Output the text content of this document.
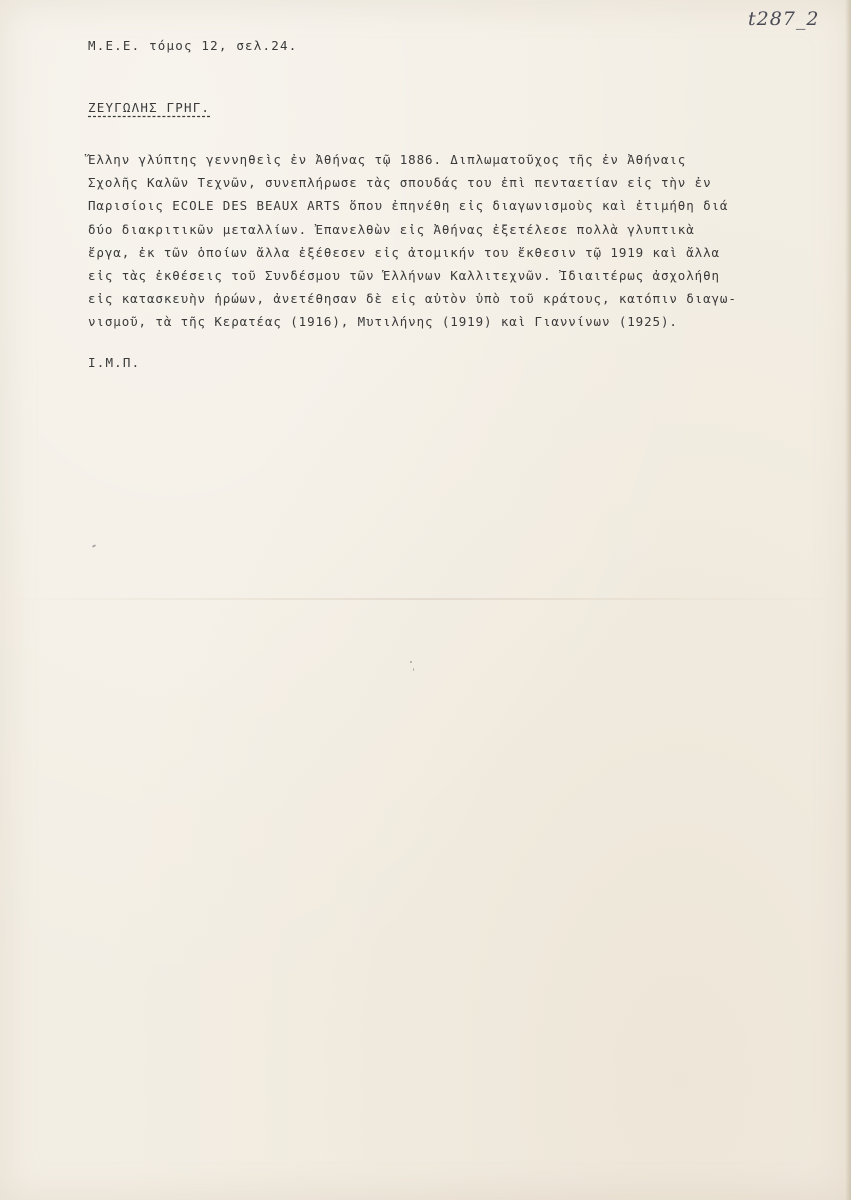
t287_2
Μ.Ε.Ε. τόμος 12, σελ.24.
ΖΕΥΓΩΛΗΣ ΓΡΗΓ.
Ἕλλην γλύπτης γεννηθεὶς ἐν Ἀθήνας τῷ 1886. Διπλωματοῦχος τῆς ἐν Ἀθήναις
Σχολῆς Καλῶν Τεχνῶν, συνεπλήρωσε τὰς σπουδάς του ἐπὶ πενταετίαν εἰς τὴν ἐν
Παρισίοις ECOLE DES BEAUX ARTS ὅπου ἐπηνέθη εἰς διαγωνισμοὺς καὶ ἐτιμήθη διά
δύο διακριτικῶν μεταλλίων. Ἐπανελθὼν εἰς Ἀθήνας ἐξετέλεσε πολλὰ γλυπτικὰ
ἔργα, ἐκ τῶν ὁποίων ἄλλα ἐξέθεσεν εἰς ἀτομικήν του ἔκθεσιν τῷ 1919 καὶ ἄλλα
εἰς τὰς ἐκθέσεις τοῦ Συνδέσμου τῶν Ἑλλήνων Καλλιτεχνῶν. Ἰδιαιτέρως ἀσχολήθη
εἰς κατασκευὴν ἡρώων, ἀνετέθησαν δὲ εἰς αὐτὸν ὑπὸ τοῦ κράτους, κατόπιν διαγω-
νισμοῦ, τὰ τῆς Κερατέας (1916), Μυτιλήνης (1919) καὶ Γιαννίνων (1925).
Ι.Μ.Π.
